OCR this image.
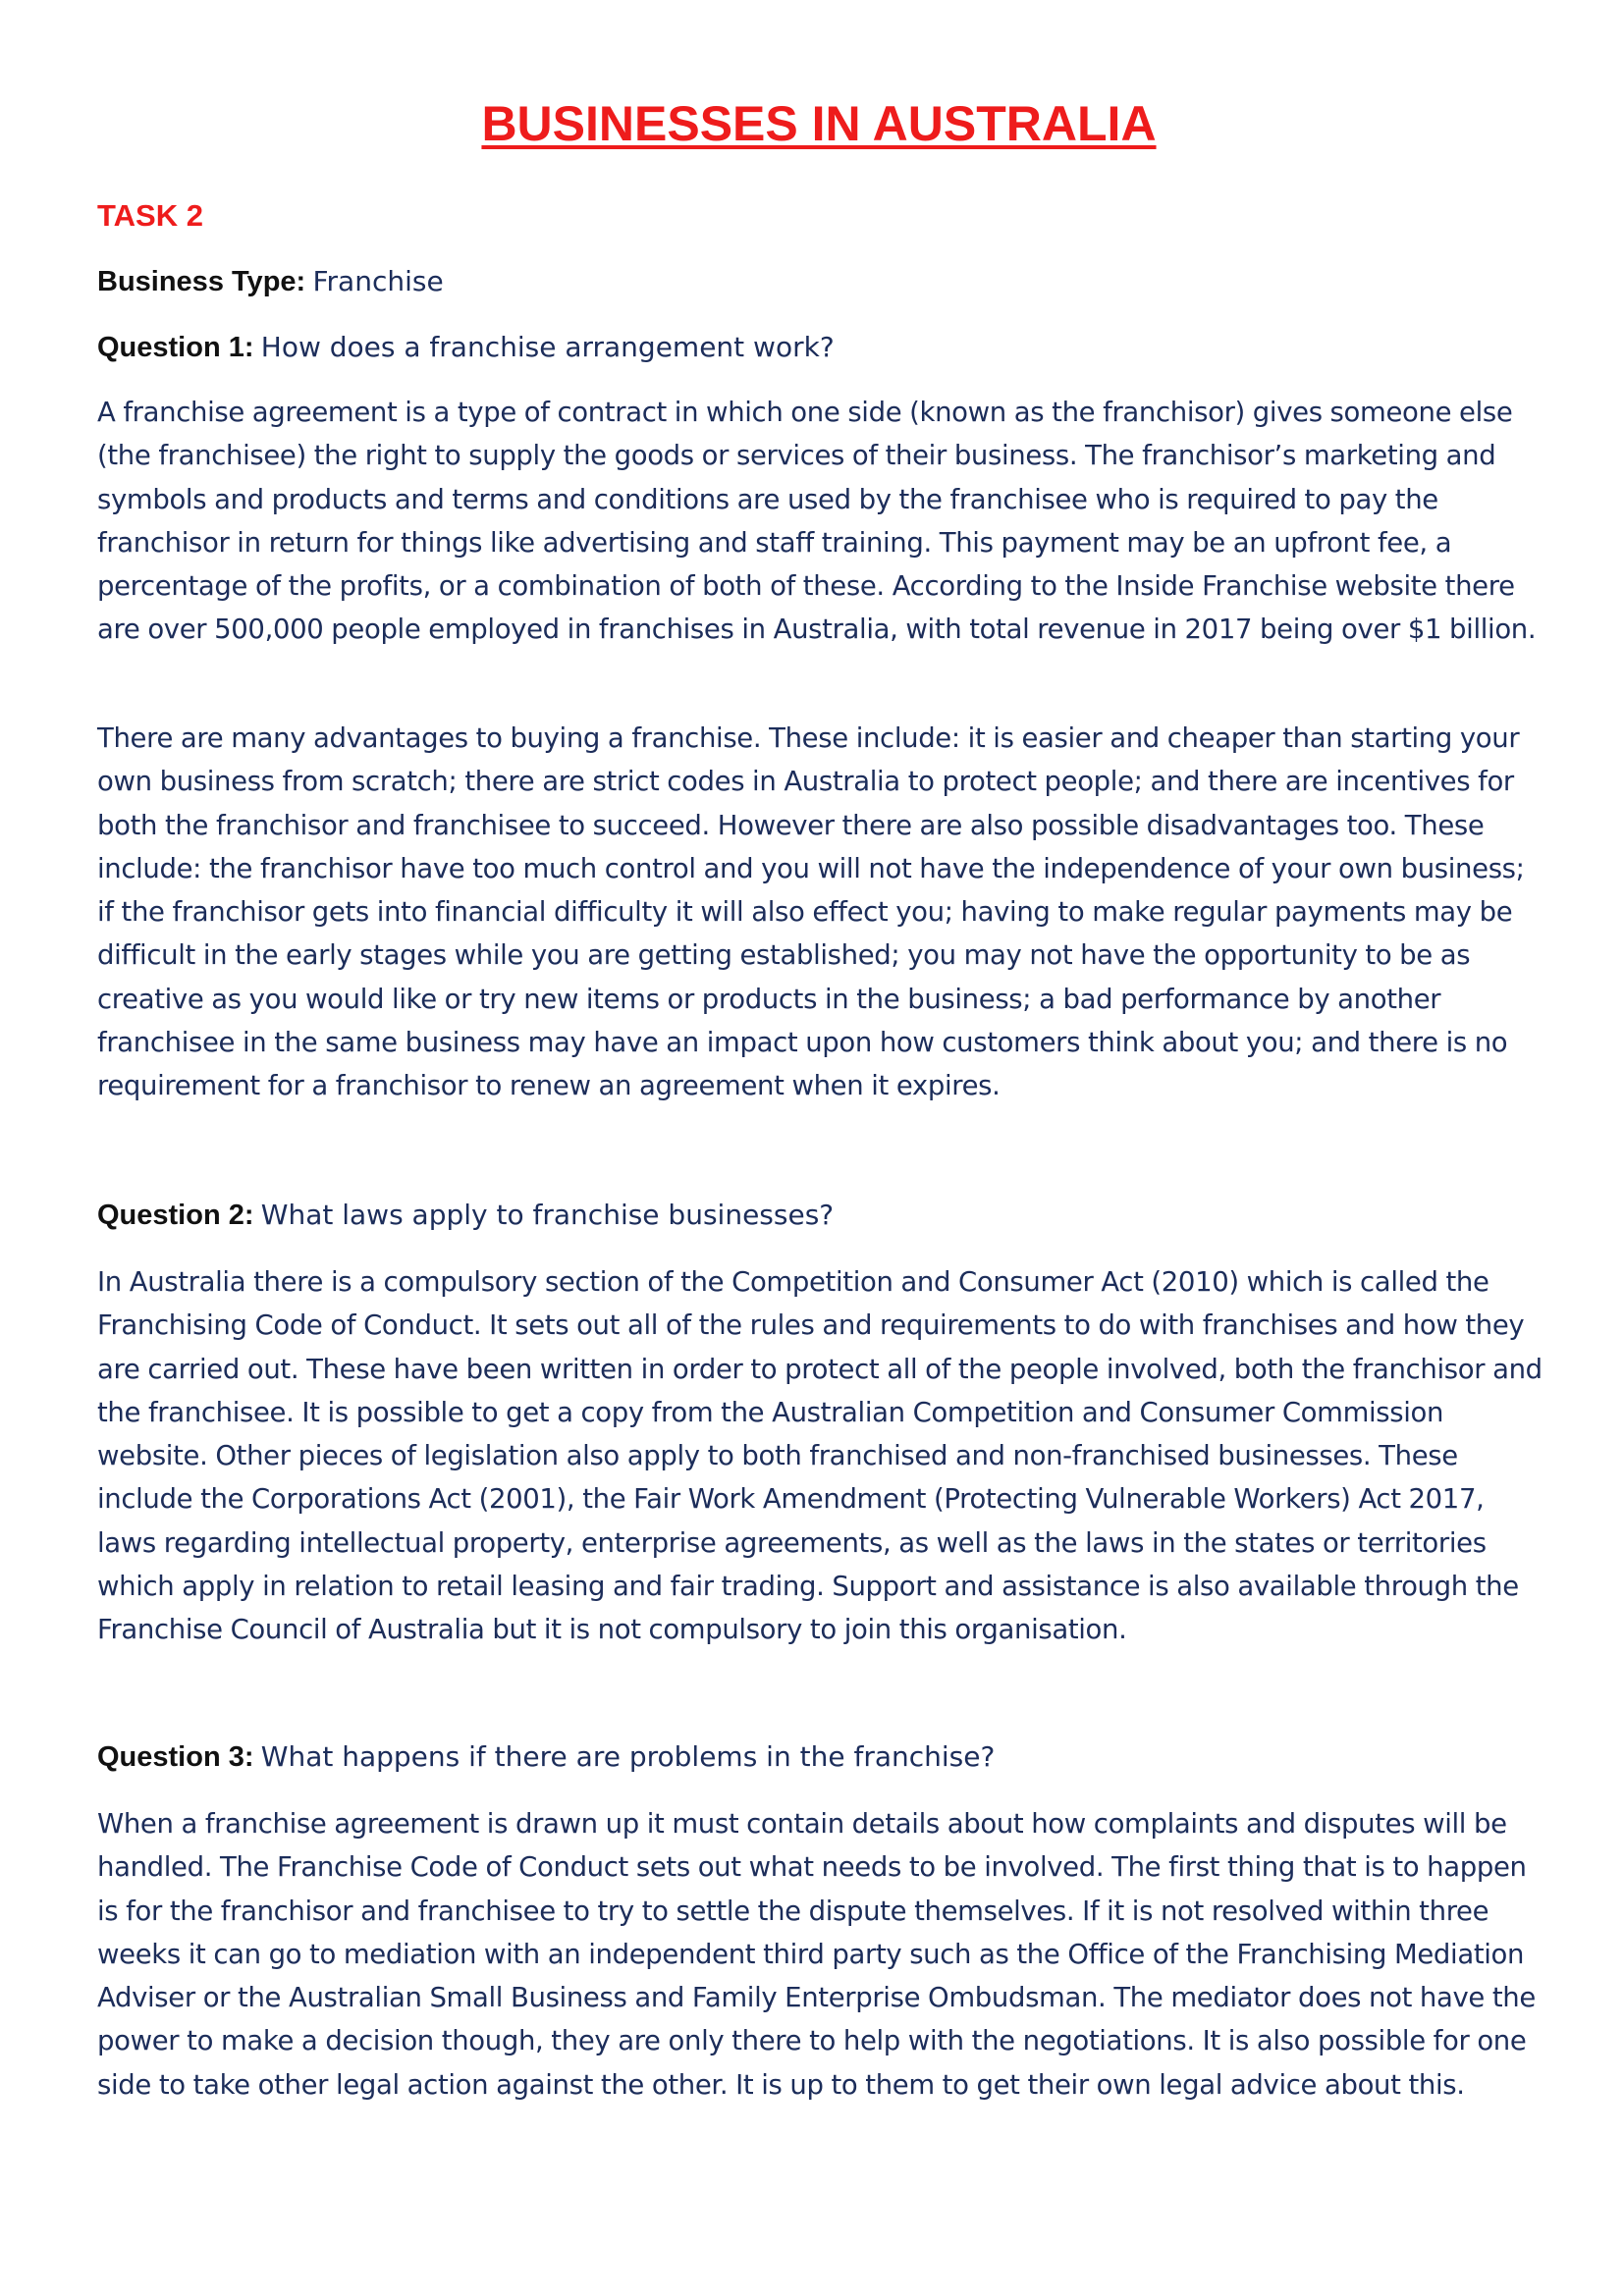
BUSINESSES IN AUSTRALIA
TASK 2

Business Type: Franchise

Question 1: How does a franchise arrangement work?

A franchise agreement is a type of contract in which one side (known as the franchisor) gives someone else (the franchisee) the right to supply the goods or services of their business. The franchisor’s marketing and symbols and products and terms and conditions are used by the franchisee who is required to pay the franchisor in return for things like advertising and staff training. This payment may be an upfront fee, a percentage of the profits, or a combination of both of these. According to the Inside Franchise website there are over 500,000 people employed in franchises in Australia, with total revenue in 2017 being over $1 billion.

There are many advantages to buying a franchise. These include: it is easier and cheaper than starting your own business from scratch; there are strict codes in Australia to protect people; and there are incentives for both the franchisor and franchisee to succeed. However there are also possible disadvantages too. These include: the franchisor have too much control and you will not have the independence of your own business; if the franchisor gets into financial difficulty it will also effect you; having to make regular payments may be difficult in the early stages while you are getting established; you may not have the opportunity to be as creative as you would like or try new items or products in the business; a bad performance by another franchisee in the same business may have an impact upon how customers think about you; and there is no requirement for a franchisor to renew an agreement when it expires.

Question 2: What laws apply to franchise businesses?

In Australia there is a compulsory section of the Competition and Consumer Act (2010) which is called the Franchising Code of Conduct. It sets out all of the rules and requirements to do with franchises and how they are carried out. These have been written in order to protect all of the people involved, both the franchisor and the franchisee. It is possible to get a copy from the Australian Competition and Consumer Commission website. Other pieces of legislation also apply to both franchised and non-franchised businesses. These include the Corporations Act (2001), the Fair Work Amendment (Protecting Vulnerable Workers) Act 2017, laws regarding intellectual property, enterprise agreements, as well as the laws in the states or territories which apply in relation to retail leasing and fair trading. Support and assistance is also available through the Franchise Council of Australia but it is not compulsory to join this organisation.

Question 3: What happens if there are problems in the franchise?

When a franchise agreement is drawn up it must contain details about how complaints and disputes will be handled. The Franchise Code of Conduct sets out what needs to be involved. The first thing that is to happen is for the franchisor and franchisee to try to settle the dispute themselves. If it is not resolved within three weeks it can go to mediation with an independent third party such as the Office of the Franchising Mediation Adviser or the Australian Small Business and Family Enterprise Ombudsman. The mediator does not have the power to make a decision though, they are only there to help with the negotiations. It is also possible for one side to take other legal action against the other. It is up to them to get their own legal advice about this.
